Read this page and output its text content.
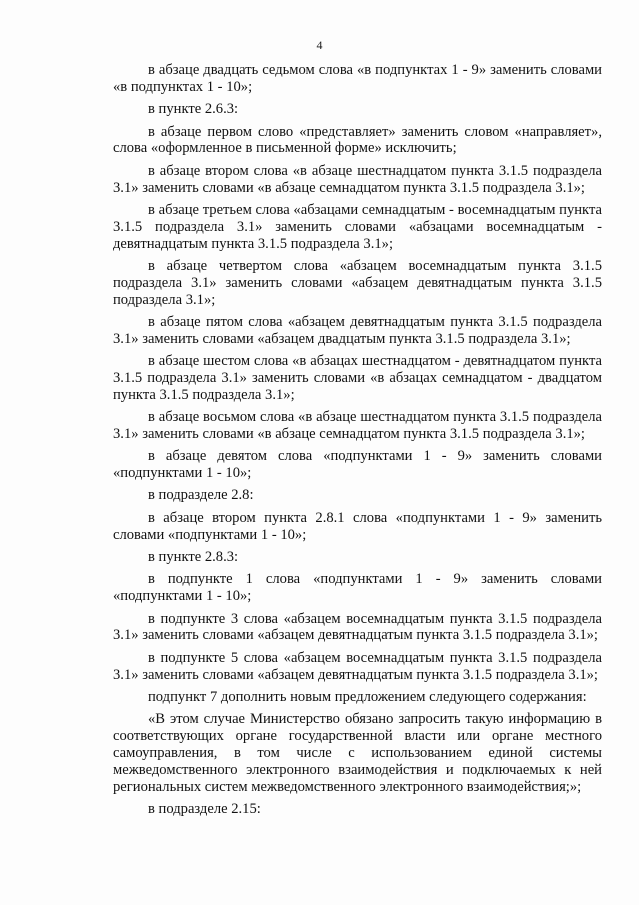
4

в абзаце двадцать седьмом слова «в подпунктах 1 - 9» заменить словами «в подпунктах 1 - 10»;

в пункте 2.6.3:

в абзаце первом слово «представляет» заменить словом «направляет», слова «оформленное в письменной форме» исключить;

в абзаце втором слова «в абзаце шестнадцатом пункта 3.1.5 подраздела 3.1» заменить словами «в абзаце семнадцатом пункта 3.1.5 подраздела 3.1»;

в абзаце третьем слова «абзацами семнадцатым - восемнадцатым пункта 3.1.5 подраздела 3.1» заменить словами «абзацами восемнадцатым - девятнадцатым пункта 3.1.5 подраздела 3.1»;

в абзаце четвертом слова «абзацем восемнадцатым пункта 3.1.5 подраздела 3.1» заменить словами «абзацем девятнадцатым пункта 3.1.5 подраздела 3.1»;

в абзаце пятом слова «абзацем девятнадцатым пункта 3.1.5 подраздела 3.1» заменить словами «абзацем двадцатым пункта 3.1.5 подраздела 3.1»;

в абзаце шестом слова «в абзацах шестнадцатом - девятнадцатом пункта 3.1.5 подраздела 3.1» заменить словами «в абзацах семнадцатом - двадцатом пункта 3.1.5 подраздела 3.1»;

в абзаце восьмом слова «в абзаце шестнадцатом пункта 3.1.5 подраздела 3.1» заменить словами «в абзаце семнадцатом пункта 3.1.5 подраздела 3.1»;

в абзаце девятом слова «подпунктами 1 - 9» заменить словами «подпунктами 1 - 10»;

в подразделе 2.8:

в абзаце втором пункта 2.8.1 слова «подпунктами 1 - 9» заменить словами «подпунктами 1 - 10»;

в пункте 2.8.3:

в подпункте 1 слова «подпунктами 1 - 9» заменить словами «подпунктами 1 - 10»;

в подпункте 3 слова «абзацем восемнадцатым пункта 3.1.5 подраздела 3.1» заменить словами «абзацем девятнадцатым пункта 3.1.5 подраздела 3.1»;

в подпункте 5 слова «абзацем восемнадцатым пункта 3.1.5 подраздела 3.1» заменить словами «абзацем девятнадцатым пункта 3.1.5 подраздела 3.1»;

подпункт 7 дополнить новым предложением следующего содержания:

«В этом случае Министерство обязано запросить такую информацию в соответствующих органе государственной власти или органе местного самоуправления, в том числе с использованием единой системы межведомственного электронного взаимодействия и подключаемых к ней региональных систем межведомственного электронного взаимодействия;»;

в подразделе 2.15:
